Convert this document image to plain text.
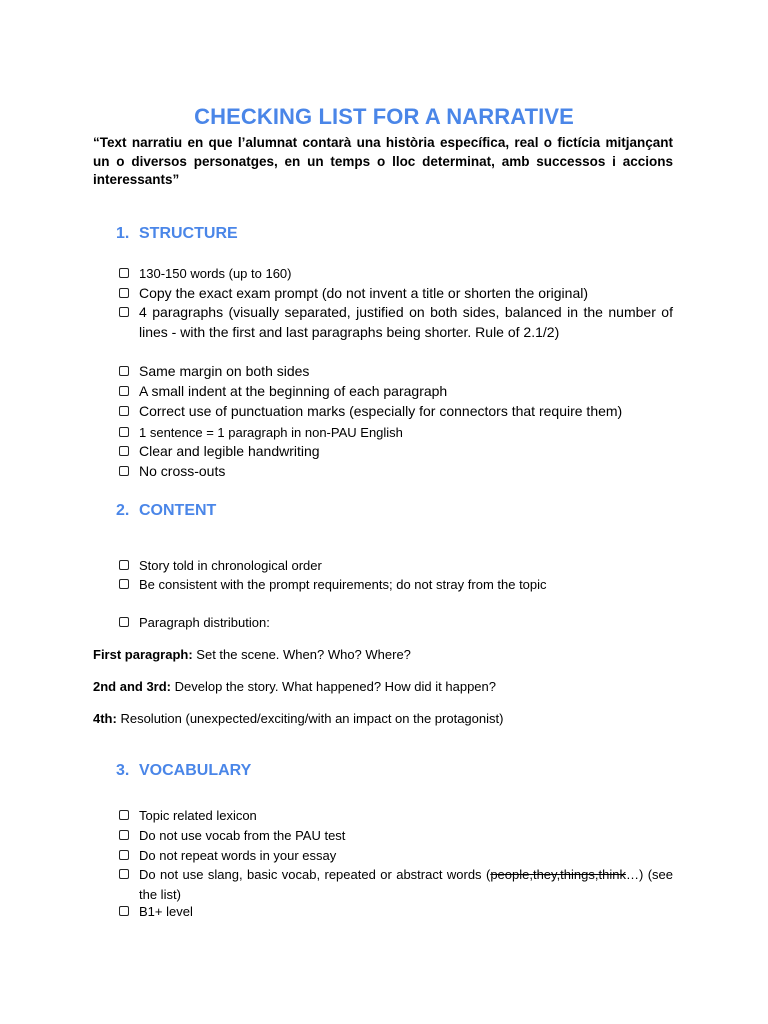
CHECKING LIST FOR A NARRATIVE
“Text narratiu en que l’alumnat contarà una història específica, real o fictícia mitjançant un o diversos personatges, en un temps o lloc determinat, amb successos i accions interessants”
1. STRUCTURE
130-150 words (up to 160)
Copy the exact exam prompt (do not invent a title or shorten the original)
4 paragraphs (visually separated, justified on both sides, balanced in the number of lines - with the first and last paragraphs being shorter. Rule of 2.1/2)
Same margin on both sides
A small indent at the beginning of each paragraph
Correct use of punctuation marks (especially for connectors that require them)
1 sentence = 1 paragraph in non-PAU English
Clear and legible handwriting
No cross-outs
2. CONTENT
Story told in chronological order
Be consistent with the prompt requirements; do not stray from the topic
Paragraph distribution:
First paragraph: Set the scene. When? Who? Where?
2nd and 3rd: Develop the story. What happened? How did it happen?
4th: Resolution (unexpected/exciting/with an impact on the protagonist)
3. VOCABULARY
Topic related lexicon
Do not use vocab from the PAU test
Do not repeat words in your essay
Do not use slang, basic vocab, repeated or abstract words (people,they,things,think…) (see the list)
B1+ level
